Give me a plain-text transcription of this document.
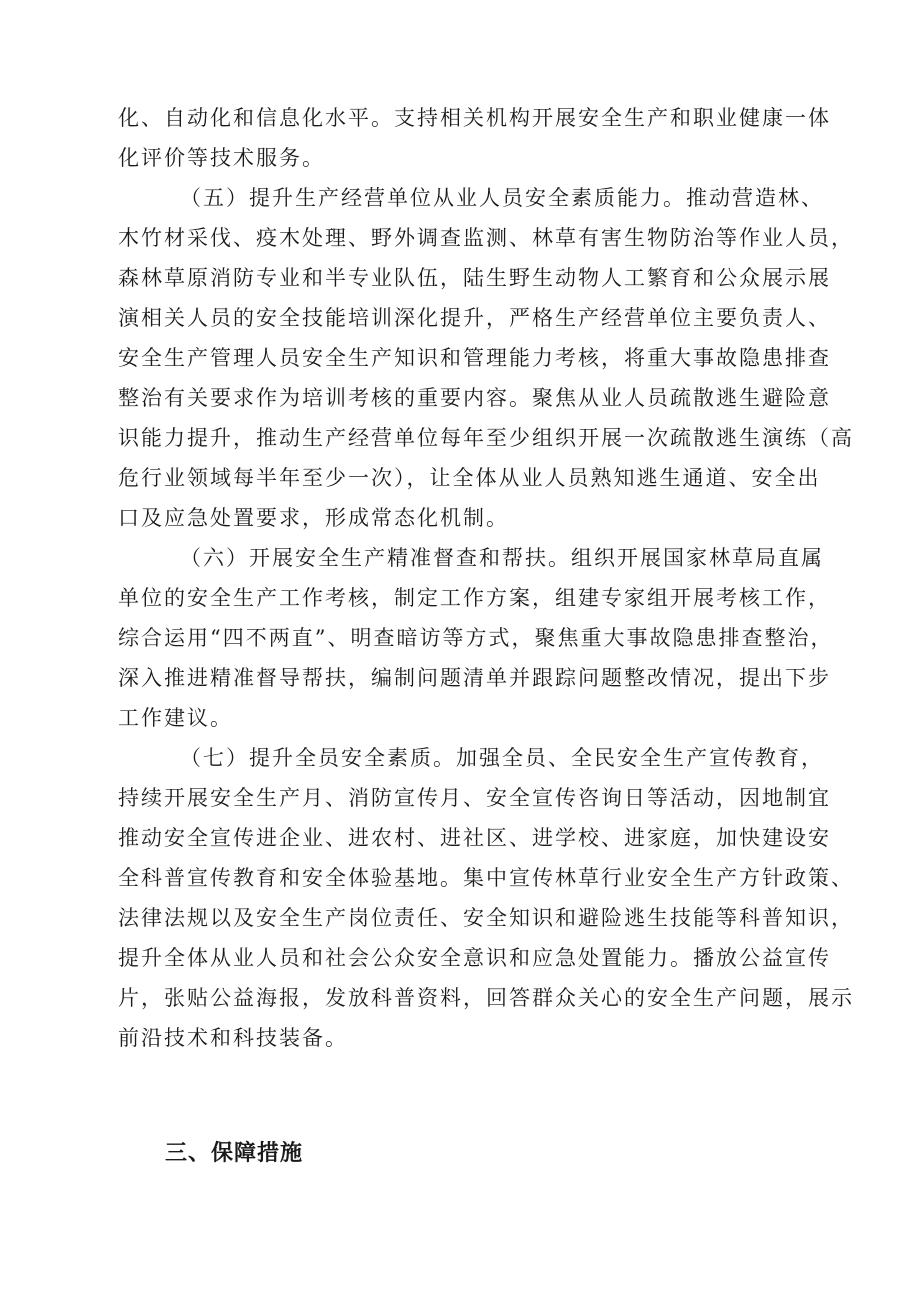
化、自动化和信息化水平。支持相关机构开展安全生产和职业健康一体
化评价等技术服务。
（五）提升生产经营单位从业人员安全素质能力。推动营造林、
木竹材采伐、疫木处理、野外调查监测、林草有害生物防治等作业人员，
森林草原消防专业和半专业队伍，陆生野生动物人工繁育和公众展示展
演相关人员的安全技能培训深化提升，严格生产经营单位主要负责人、
安全生产管理人员安全生产知识和管理能力考核，将重大事故隐患排查
整治有关要求作为培训考核的重要内容。聚焦从业人员疏散逃生避险意
识能力提升，推动生产经营单位每年至少组织开展一次疏散逃生演练（高
危行业领域每半年至少一次），让全体从业人员熟知逃生通道、安全出
口及应急处置要求，形成常态化机制。
（六）开展安全生产精准督查和帮扶。组织开展国家林草局直属
单位的安全生产工作考核，制定工作方案，组建专家组开展考核工作，
综合运用“四不两直”、明查暗访等方式，聚焦重大事故隐患排查整治，
深入推进精准督导帮扶，编制问题清单并跟踪问题整改情况，提出下步
工作建议。
（七）提升全员安全素质。加强全员、全民安全生产宣传教育，
持续开展安全生产月、消防宣传月、安全宣传咨询日等活动，因地制宜
推动安全宣传进企业、进农村、进社区、进学校、进家庭，加快建设安
全科普宣传教育和安全体验基地。集中宣传林草行业安全生产方针政策、
法律法规以及安全生产岗位责任、安全知识和避险逃生技能等科普知识，
提升全体从业人员和社会公众安全意识和应急处置能力。播放公益宣传
片，张贴公益海报，发放科普资料，回答群众关心的安全生产问题，展示
前沿技术和科技装备。
三、保障措施
